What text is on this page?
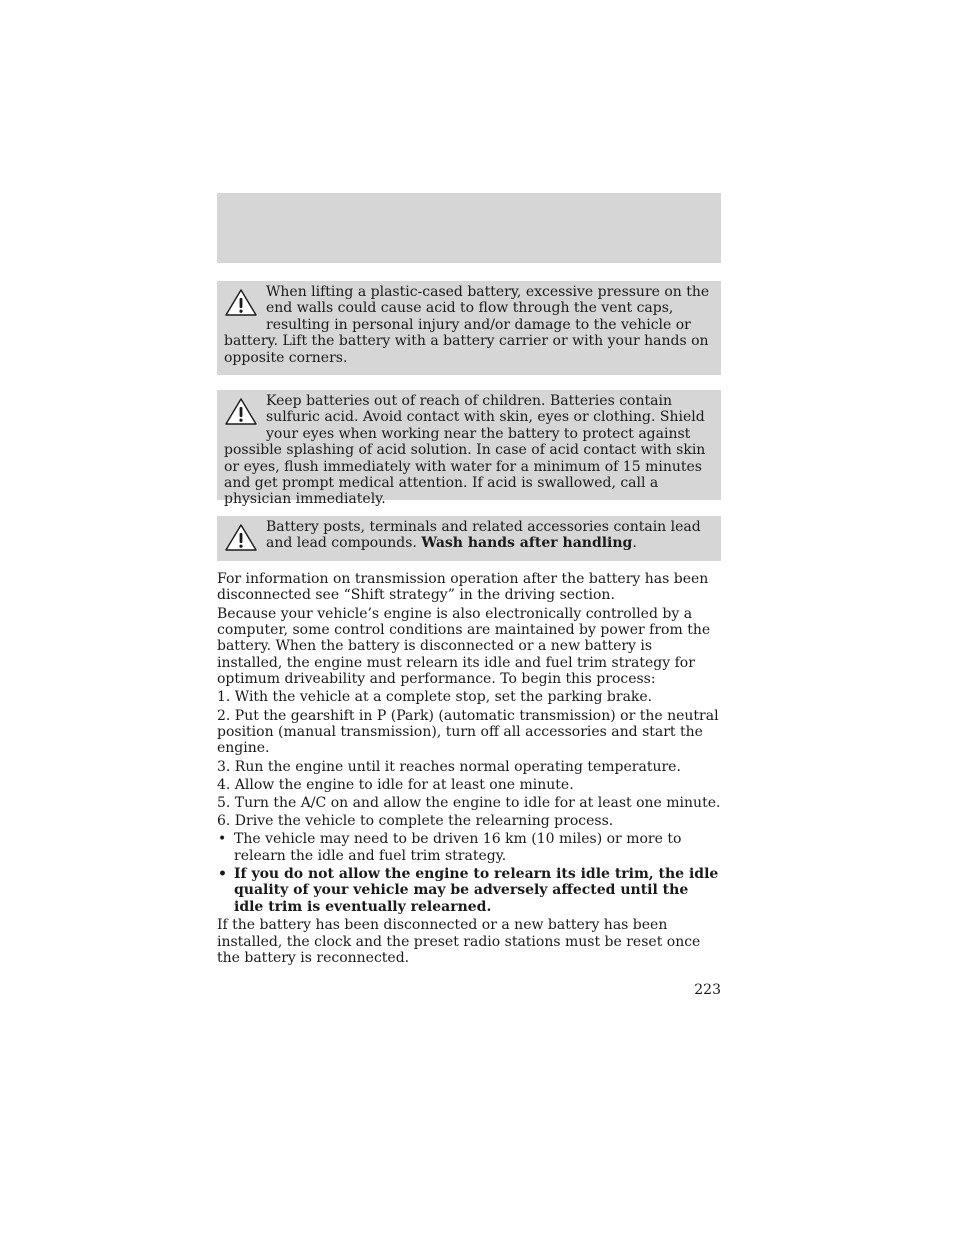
When lifting a plastic-cased battery, excessive pressure on the end walls could cause acid to flow through the vent caps, resulting in personal injury and/or damage to the vehicle or battery. Lift the battery with a battery carrier or with your hands on opposite corners.

Keep batteries out of reach of children. Batteries contain sulfuric acid. Avoid contact with skin, eyes or clothing. Shield your eyes when working near the battery to protect against possible splashing of acid solution. In case of acid contact with skin or eyes, flush immediately with water for a minimum of 15 minutes and get prompt medical attention. If acid is swallowed, call a physician immediately.

Battery posts, terminals and related accessories contain lead and lead compounds. Wash hands after handling.

For information on transmission operation after the battery has been disconnected see “Shift strategy” in the driving section.

Because your vehicle’s engine is also electronically controlled by a computer, some control conditions are maintained by power from the battery. When the battery is disconnected or a new battery is installed, the engine must relearn its idle and fuel trim strategy for optimum driveability and performance. To begin this process:

1. With the vehicle at a complete stop, set the parking brake.

2. Put the gearshift in P (Park) (automatic transmission) or the neutral position (manual transmission), turn off all accessories and start the engine.

3. Run the engine until it reaches normal operating temperature.

4. Allow the engine to idle for at least one minute.

5. Turn the A/C on and allow the engine to idle for at least one minute.

6. Drive the vehicle to complete the relearning process.

• The vehicle may need to be driven 16 km (10 miles) or more to relearn the idle and fuel trim strategy.
• If you do not allow the engine to relearn its idle trim, the idle quality of your vehicle may be adversely affected until the idle trim is eventually relearned.

If the battery has been disconnected or a new battery has been installed, the clock and the preset radio stations must be reset once the battery is reconnected.

223
